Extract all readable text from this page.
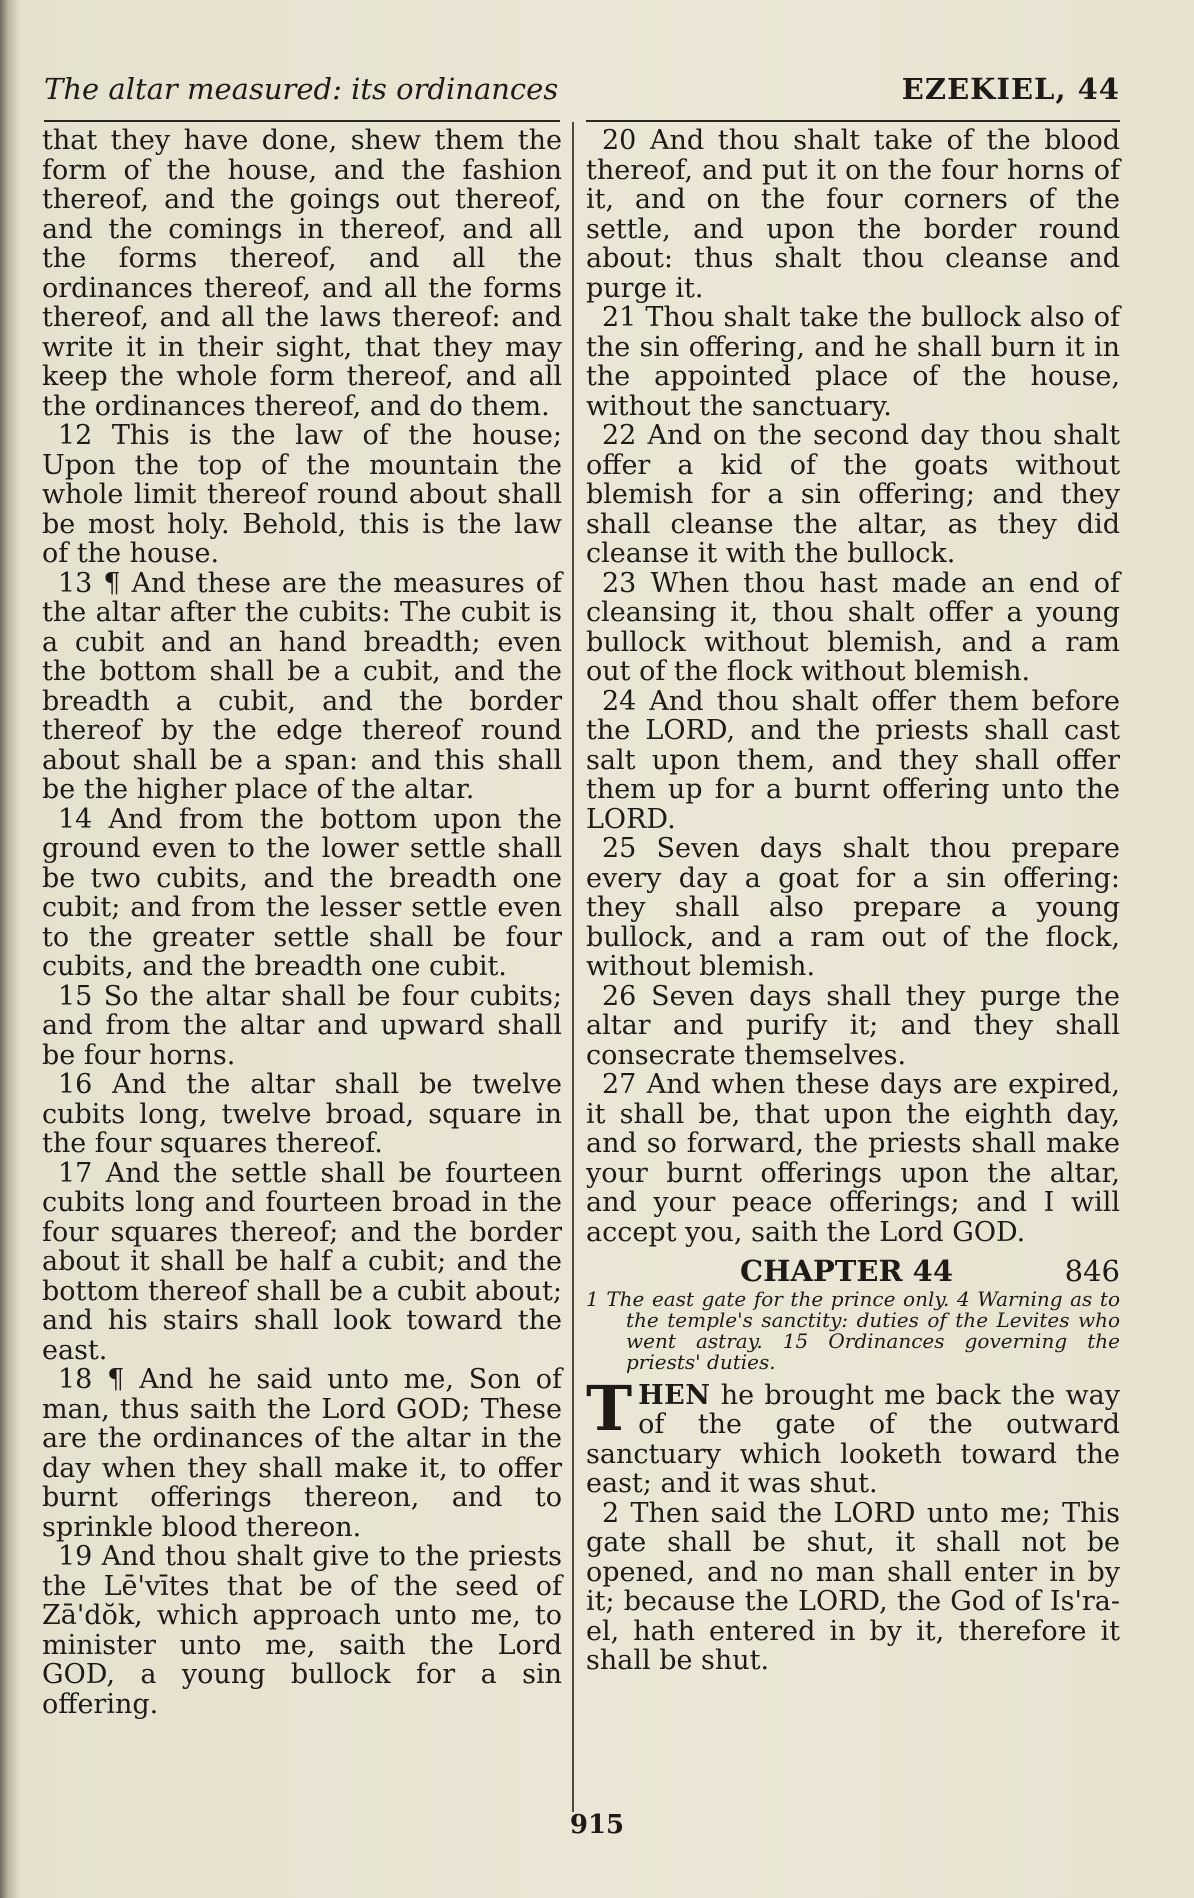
The altar measured: its ordinances	EZEKIEL, 44

that they have done, shew them the form of the house, and the fashion thereof, and the goings out thereof, and the comings in thereof, and all the forms thereof, and all the ordinances thereof, and all the forms thereof, and all the laws thereof: and write it in their sight, that they may keep the whole form thereof, and all the ordinances thereof, and do them.

12 This is the law of the house; Upon the top of the mountain the whole limit thereof round about shall be most holy. Behold, this is the law of the house.

13 ¶ And these are the measures of the altar after the cubits: The cubit is a cubit and an hand breadth; even the bottom shall be a cubit, and the breadth a cubit, and the border thereof by the edge thereof round about shall be a span: and this shall be the higher place of the altar.

14 And from the bottom upon the ground even to the lower settle shall be two cubits, and the breadth one cubit; and from the lesser settle even to the greater settle shall be four cubits, and the breadth one cubit.

15 So the altar shall be four cubits; and from the altar and upward shall be four horns.

16 And the altar shall be twelve cubits long, twelve broad, square in the four squares thereof.

17 And the settle shall be fourteen cubits long and fourteen broad in the four squares thereof; and the border about it shall be half a cubit; and the bottom thereof shall be a cubit about; and his stairs shall look toward the east.

18 ¶ And he said unto me, Son of man, thus saith the Lord GOD; These are the ordinances of the altar in the day when they shall make it, to offer burnt offerings thereon, and to sprinkle blood thereon.

19 And thou shalt give to the priests the Lē'vītes that be of the seed of Zā'dŏk, which approach unto me, to minister unto me, saith the Lord GOD, a young bullock for a sin offering.

20 And thou shalt take of the blood thereof, and put it on the four horns of it, and on the four corners of the settle, and upon the border round about: thus shalt thou cleanse and purge it.

21 Thou shalt take the bullock also of the sin offering, and he shall burn it in the appointed place of the house, without the sanctuary.

22 And on the second day thou shalt offer a kid of the goats without blemish for a sin offering; and they shall cleanse the altar, as they did cleanse it with the bullock.

23 When thou hast made an end of cleansing it, thou shalt offer a young bullock without blemish, and a ram out of the flock without blemish.

24 And thou shalt offer them before the LORD, and the priests shall cast salt upon them, and they shall offer them up for a burnt offering unto the LORD.

25 Seven days shalt thou prepare every day a goat for a sin offering: they shall also prepare a young bullock, and a ram out of the flock, without blemish.

26 Seven days shall they purge the altar and purify it; and they shall consecrate themselves.

27 And when these days are expired, it shall be, that upon the eighth day, and so forward, the priests shall make your burnt offerings upon the altar, and your peace offerings; and I will accept you, saith the Lord GOD.

CHAPTER 44	846
1 The east gate for the prince only. 4 Warning as to the temple's sanctity: duties of the Levites who went astray. 15 Ordinances governing the priests' duties.

THEN he brought me back the way of the gate of the outward sanctuary which looketh toward the east; and it was shut.

2 Then said the LORD unto me; This gate shall be shut, it shall not be opened, and no man shall enter in by it; because the LORD, the God of Is'ra-el, hath entered in by it, therefore it shall be shut.

915
